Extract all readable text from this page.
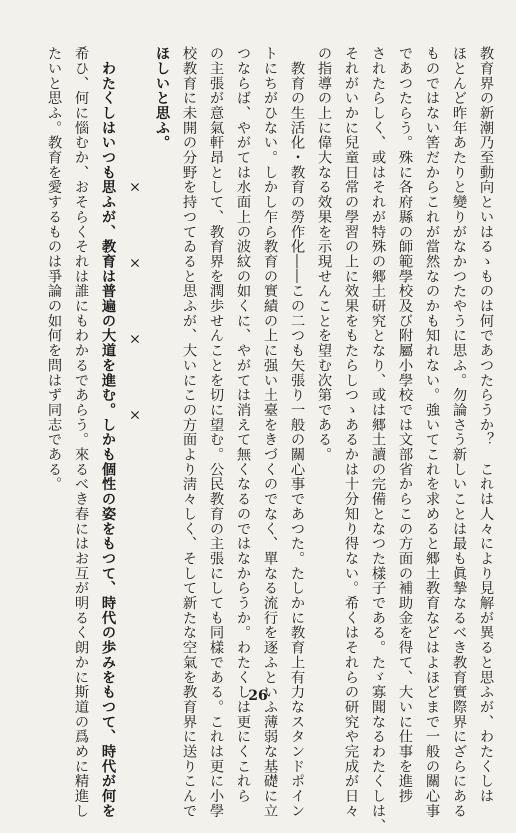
教育界の新潮乃至動向といはるゝものは何であつたらうか？　これは人々により見解が異ると思ふが、わたくしは
ほとんど昨年あたりと變りがなかつたやうに思ふ。勿論さう新しいことは最も眞摯なるべき教育實際界にざらにある
ものではない筈だからこれが當然なのかも知れない。強いてこれを求めると郷土教育などはよほどまで一般の關心事
であつたらう。殊に各府縣の師範學校及び附屬小學校では文部省からこの方面の補助金を得て、大いに仕事を進捗
されたらしく、或はそれが特殊の郷土研究となり、或は郷土讀の完備となつた樣子である。たゞ寡聞なるわたくしは、
それがいかに兒童日常の學習の上に效果をもたらしつゝあるかは十分知り得ない。希くはそれらの研究や完成が日々
の指導の上に偉大なる效果を示現せんことを望む次第である。
　教育の生活化・教育の勞作化――この二つも矢張り一般の關心事であつた。たしかに教育上有力なスタンドポイン
トにちがひない。しかし乍ら教育の實績の上に强い土臺をきづくのでなく、單なる流行を逐ふといふ薄弱な基礎に立
つならば、やがては水面上の波紋の如くに、やがては消えて無くなるのではなからうか。わたくしは更にくこれら
の主張が意氣軒昂として、教育界を潤歩せんことを切に望む。公民教育の主張にしても同樣である。これは更に小學
校教育に未開の分野を持つてゐると思ふが、大いにこの方面より淸々しく、そして新たな空氣を教育界に送りこんで
ほしいと思ふ。
　　　　　　　　　×　　　　×　　　　×　　　　×
　わたくしはいつも思ふが、教育は普遍の大道を進む。しかも個性の姿をもつて、時代の歩みをもつて、時代が何を
希ひ、何に惱むか、おそらくそれは誰にもわかるであらう。來るべき春にはお互が明るく朗かに斯道の爲めに精進し
たいと思ふ。教育を愛するものは爭論の如何を問はず同志である。
26
